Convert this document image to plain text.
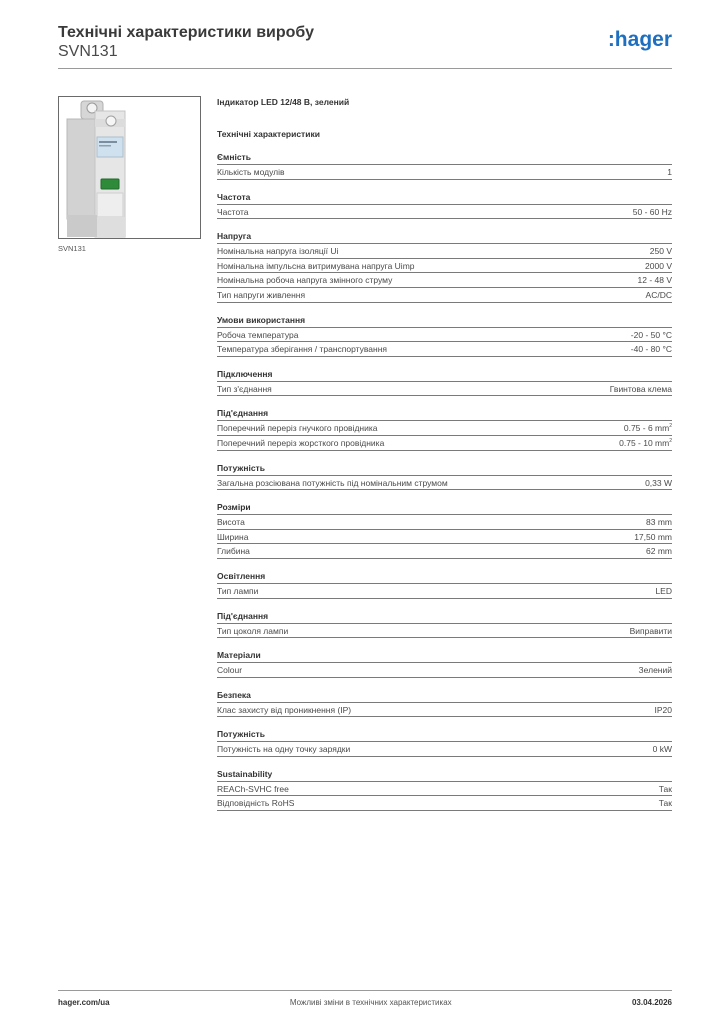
Технічні характеристики виробу
SVN131
:hager
SVN131
Індикатор LED 12/48 В, зелений
Технічні характеристики
Ємність
Кількість модулів	1
Частота
Частота	50 - 60 Hz
Напруга
Номінальна напруга ізоляції Ui	250 V
Номінальна імпульсна витримувана напруга Uimp	2000 V
Номінальна робоча напруга змінного струму	12 - 48 V
Тип напруги живлення	AC/DC
Умови використання
Робоча температура	-20 - 50 °C
Температура зберігання / транспортування	-40 - 80 °C
Підключення
Тип з'єднання	Гвинтова клема
Під'єднання
Поперечний переріз гнучкого провідника	0.75 - 6 $mm^2$
Поперечний переріз жорсткого провідника	0.75 - 10 $mm^2$
Потужність
Загальна розсіювана потужність під номінальним струмом	0,33 W
Розміри
Висота	83 mm
Ширина	17,50 mm
Глибина	62 mm
Освітлення
Тип лампи	LED
Під'єднання
Тип цоколя лампи	Виправити
Матеріали
Colour	Зелений
Безпека
Клас захисту від проникнення (IP)	IP20
Потужність
Потужність на одну точку зарядки	0 kW
Sustainability
REACh-SVHC free	Так
Відповідність RoHS	Так
hager.com/ua	Можливі зміни в технічних характеристиках	03.04.2026
